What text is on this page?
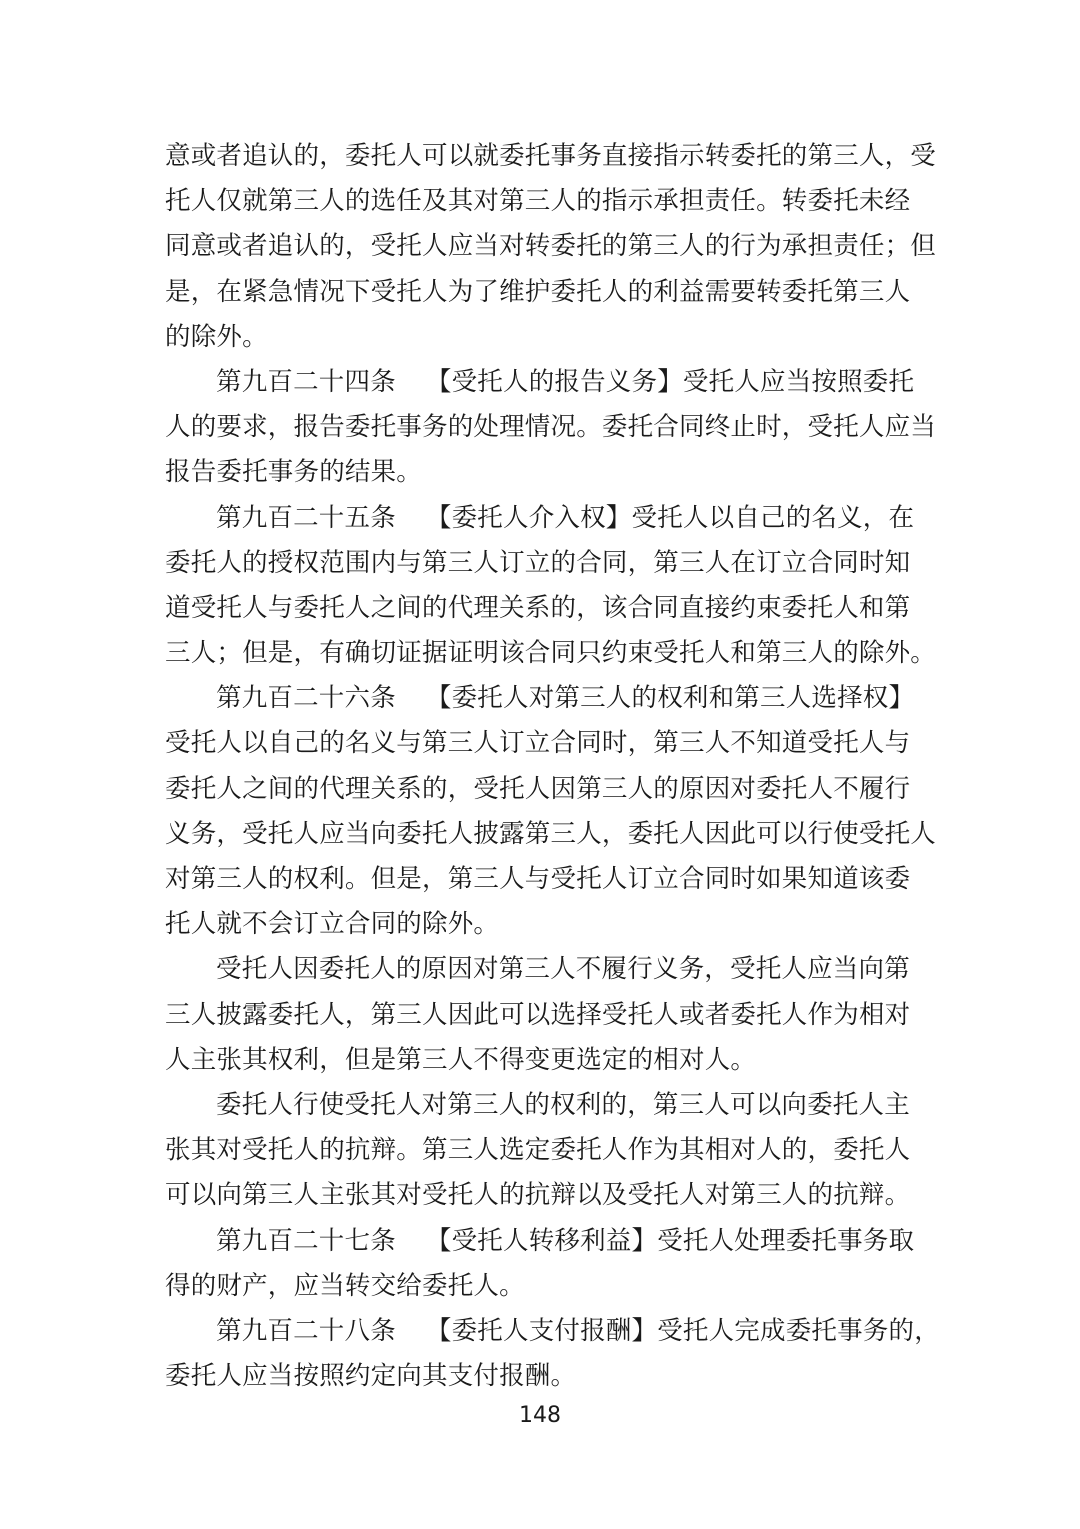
意或者追认的，委托人可以就委托事务直接指示转委托的第三人，受
托人仅就第三人的选任及其对第三人的指示承担责任。转委托未经
同意或者追认的，受托人应当对转委托的第三人的行为承担责任；但
是，在紧急情况下受托人为了维护委托人的利益需要转委托第三人
的除外。
第九百二十四条 【受托人的报告义务】受托人应当按照委托
人的要求，报告委托事务的处理情况。委托合同终止时，受托人应当
报告委托事务的结果。
第九百二十五条 【委托人介入权】受托人以自己的名义，在
委托人的授权范围内与第三人订立的合同，第三人在订立合同时知
道受托人与委托人之间的代理关系的，该合同直接约束委托人和第
三人；但是，有确切证据证明该合同只约束受托人和第三人的除外。
第九百二十六条 【委托人对第三人的权利和第三人选择权】
受托人以自己的名义与第三人订立合同时，第三人不知道受托人与
委托人之间的代理关系的，受托人因第三人的原因对委托人不履行
义务，受托人应当向委托人披露第三人，委托人因此可以行使受托人
对第三人的权利。但是，第三人与受托人订立合同时如果知道该委
托人就不会订立合同的除外。
受托人因委托人的原因对第三人不履行义务，受托人应当向第
三人披露委托人，第三人因此可以选择受托人或者委托人作为相对
人主张其权利，但是第三人不得变更选定的相对人。
委托人行使受托人对第三人的权利的，第三人可以向委托人主
张其对受托人的抗辩。第三人选定委托人作为其相对人的，委托人
可以向第三人主张其对受托人的抗辩以及受托人对第三人的抗辩。
第九百二十七条 【受托人转移利益】受托人处理委托事务取
得的财产，应当转交给委托人。
第九百二十八条 【委托人支付报酬】受托人完成委托事务的，
委托人应当按照约定向其支付报酬。
148
